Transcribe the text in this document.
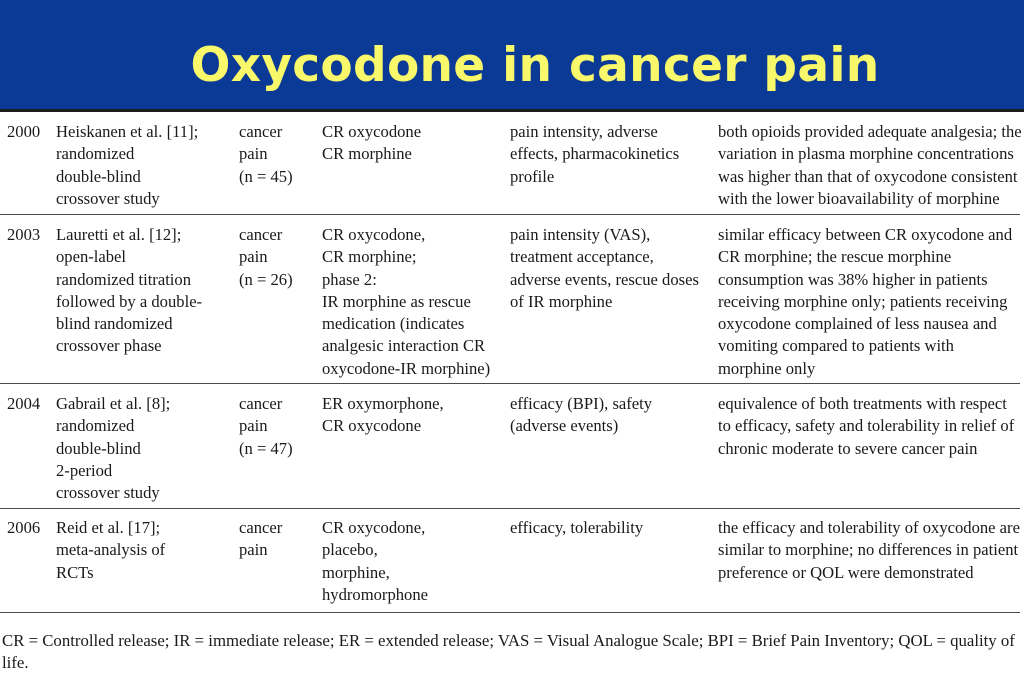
Oxycodone in cancer pain
2000 Heiskanen et al. [11];
randomized
double-blind
crossover study
cancer
pain
(n = 45)
CR oxycodone
CR morphine
pain intensity, adverse
effects, pharmacokinetics
profile
both opioids provided adequate analgesia; the
variation in plasma morphine concentrations
was higher than that of oxycodone consistent
with the lower bioavailability of morphine
2003 Lauretti et al. [12];
open-label
randomized titration
followed by a double-
blind randomized
crossover phase
cancer
pain
(n = 26)
CR oxycodone,
CR morphine;
phase 2:
IR morphine as rescue
medication (indicates
analgesic interaction CR
oxycodone-IR morphine)
pain intensity (VAS),
treatment acceptance,
adverse events, rescue doses
of IR morphine
similar efficacy between CR oxycodone and
CR morphine; the rescue morphine
consumption was 38% higher in patients
receiving morphine only; patients receiving
oxycodone complained of less nausea and
vomiting compared to patients with
morphine only
2004 Gabrail et al. [8];
randomized
double-blind
2-period
crossover study
cancer
pain
(n = 47)
ER oxymorphone,
CR oxycodone
efficacy (BPI), safety
(adverse events)
equivalence of both treatments with respect
to efficacy, safety and tolerability in relief of
chronic moderate to severe cancer pain
2006 Reid et al. [17];
meta-analysis of
RCTs
cancer
pain
CR oxycodone,
placebo,
morphine,
hydromorphone
efficacy, tolerability	the efficacy and tolerability of oxycodone are
similar to morphine; no differences in patient
preference or QOL were demonstrated
CR = Controlled release; IR = immediate release; ER = extended release; VAS = Visual Analogue Scale; BPI = Brief Pain Inventory; QOL = quality of
life.
